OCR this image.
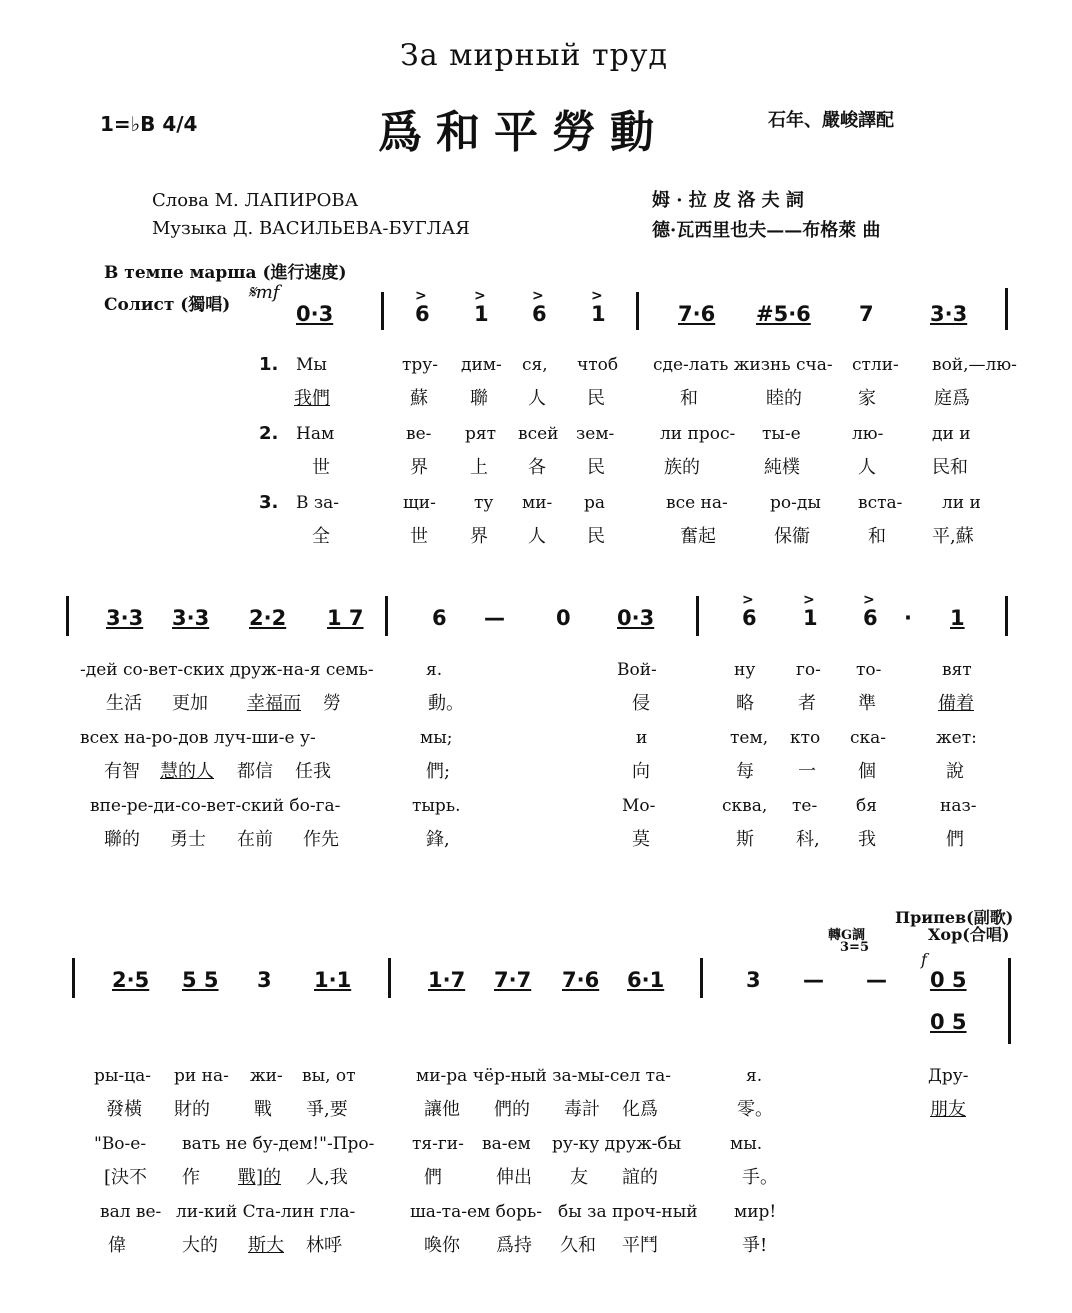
За мирный труд
爲和平勞動
1=♭B 4/4	石年、嚴峻譯配
Слова М. ЛАПИРОВА
Музыка Д. ВАСИЛЬЕВА-БУГЛАЯ
姆 · 拉 皮 洛 夫 詞
德·瓦西里也夫——布格萊 曲
В темпе марша (進行速度)
Солист (獨唱)
𝄋mf	>	>	>	>
0·3	6 1 6 1	7·6 #5·6 7	3·3
1. Мы	тру- дим- ся, чтоб сде-лать жизнь сча- стли- вой,—лю-
我們	蘇 聯 人 民	和	睦的	家	庭爲
2. Нам	ве- рят всей зем-	ли прос- ты-е	лю-	ди и
世	界 上 各 民	族的	純樸	人	民和
3. В за-	щи- ту ми- ра	все на- ро-ды вста- ли и
全	世 界 人 民	奮起	保衞	和	平,蘇
>	>	>
3·3 3·3 2·2 1 7	6 — 0 0·3	6 1 6 · 1
-дей со-вет-ских друж-на-я семь-	я.	Вой-	ну го- то-	вят
生活 更加 幸福而 勞	動。	侵	略 者 準	備着
всех на-ро-дов луч-ши-е у-	мы;	и	тем, кто ска-	жет:
有智 慧的人 都信 任我	們;	向	每 一 個	說
впе-ре-ди-со-вет-ский бо-га-	тырь.	Мо-	сква, те- бя	наз-
聯的 勇士 在前 作先	鋒,	莫	斯 科, 我	們
Припев(副歌)
Хор(合唱)
轉G調
3=5
f
2·5 5 5 3 1·1	1·7 7·7 7·6 6·1	3 — — 0 5
0 5
ры-ца- ри на- жи- вы, от	ми-ра чёр-ный за-мы-сел та-	я.	Дру-
發橫 財的 戰 爭,要	讓他 們的 毒計 化爲	零。	朋友
"Во-е- вать не бу-дем!"-Про- тя-ги- ва-ем ру-ку друж-бы	мы.
[決不 作 戰]的 人,我	們	伸出 友 誼的	手。
вал ве- ли-кий Ста-лин гла-	ша-та-ем борь- бы за проч-ный мир!
偉	大的 斯大 林呼	喚你 爲持 久和 平鬥	爭!
